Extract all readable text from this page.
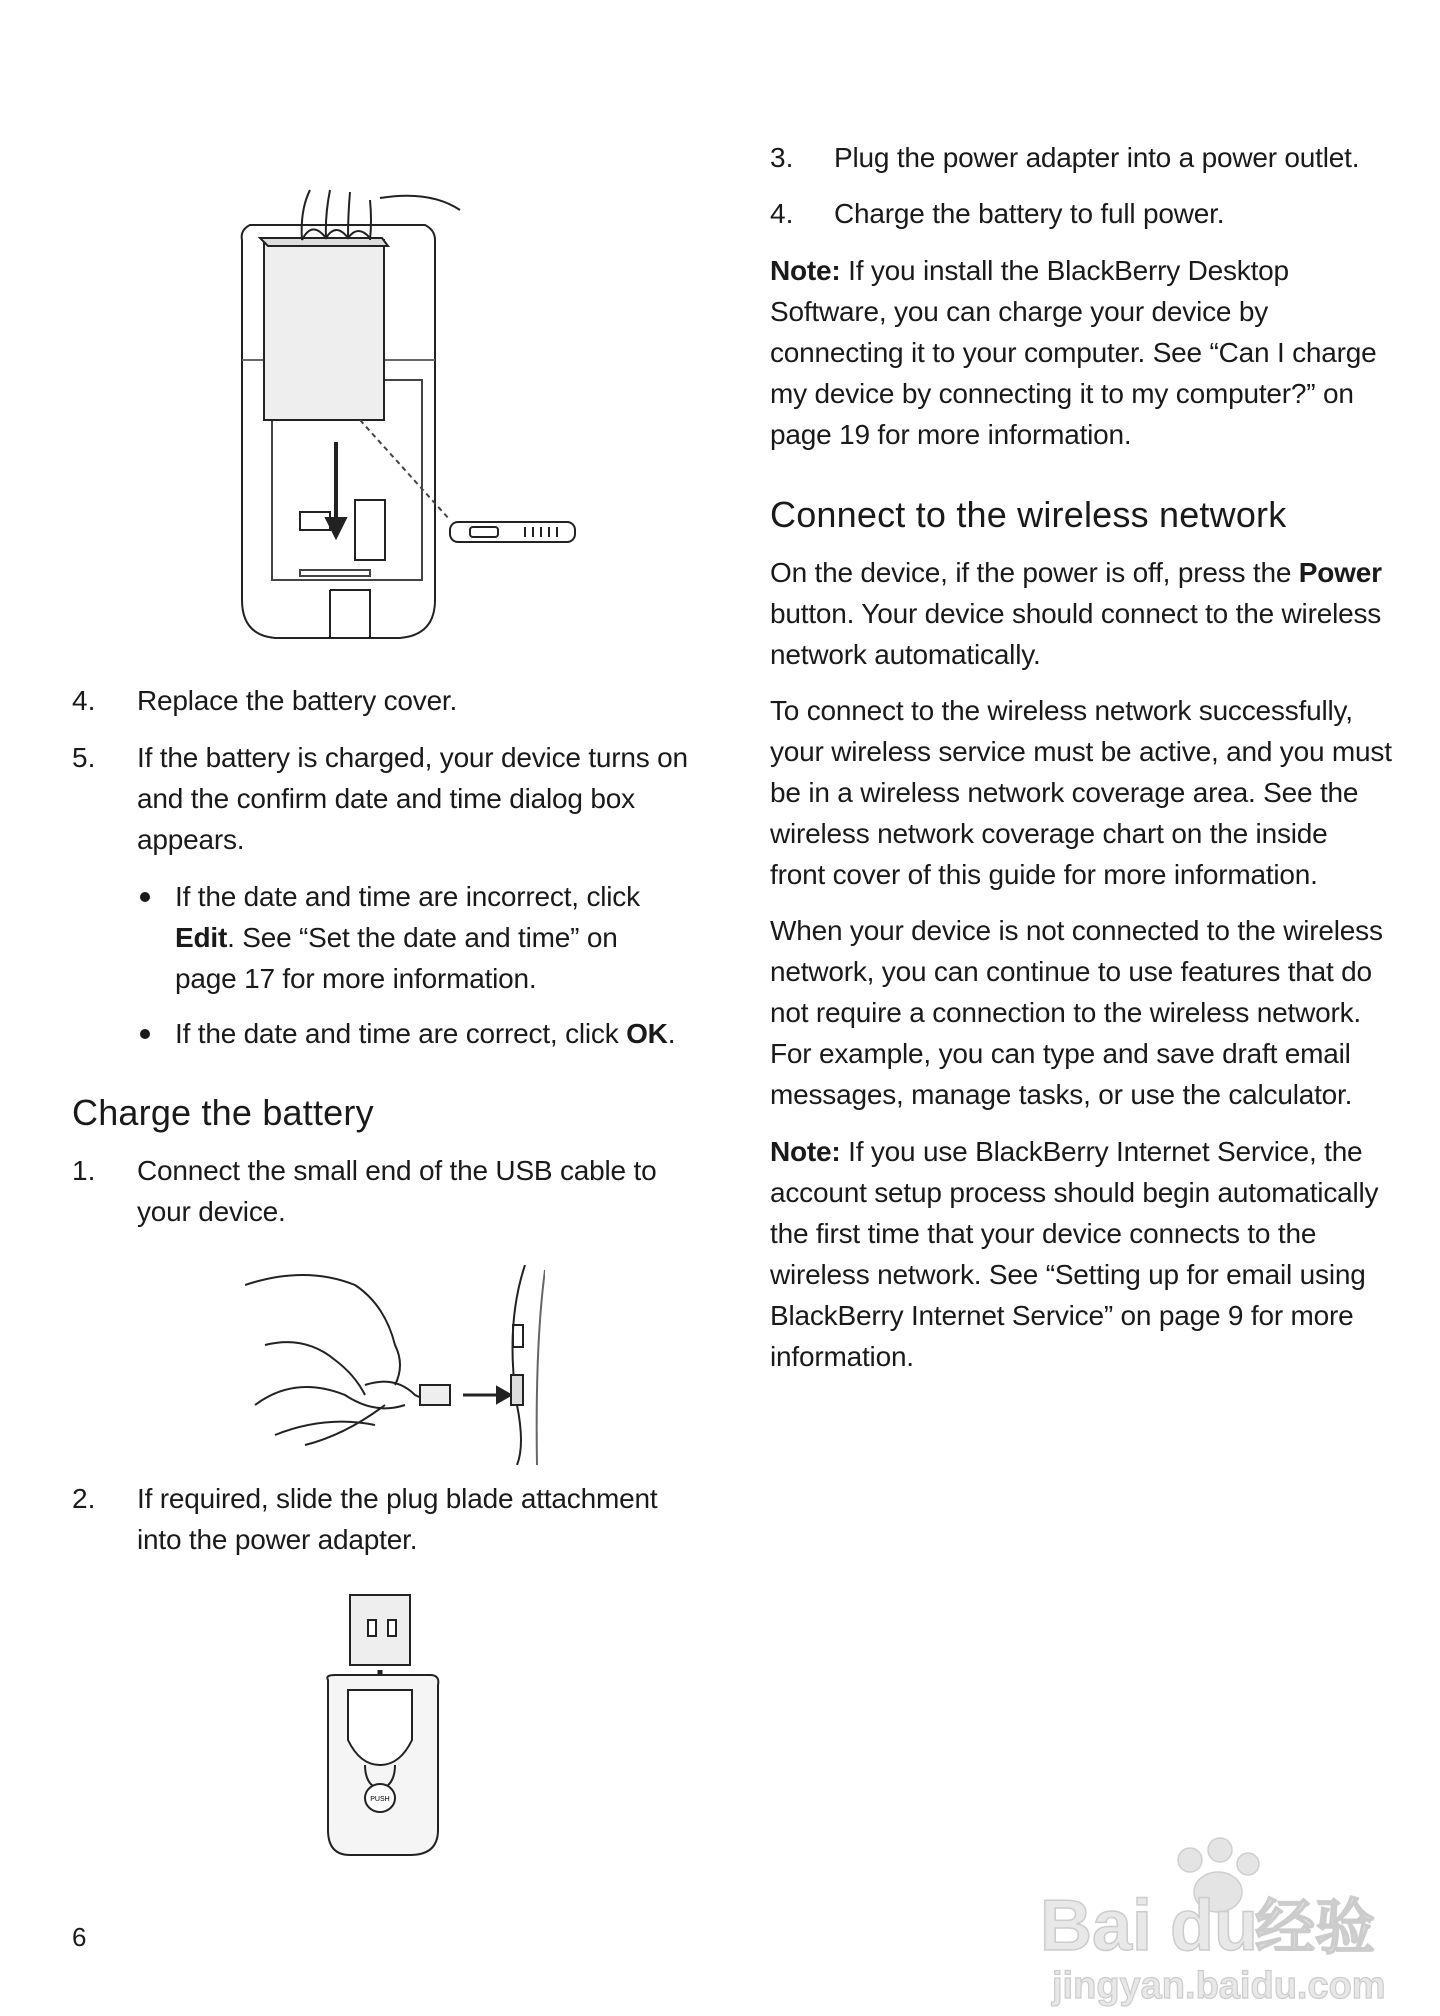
4. Replace the battery cover.

5. If the battery is charged, your device turns on

and the confirm date and time dialog box

appears.

If the date and time are incorrect, click

Edit. See “Set the date and time” on

page 17 for more information.

If the date and time are correct, click OK.

Charge the battery
1. Connect the small end of the USB cable to

your device.

2. If required, slide the plug blade attachment

into the power adapter.

PUSH
3. Plug the power adapter into a power outlet.

4. Charge the battery to full power.

Note: If you install the BlackBerry Desktop

Software, you can charge your device by

connecting it to your computer. See “Can I charge

my device by connecting it to my computer?” on

page 19 for more information.

Connect to the wireless network

On the device, if the power is off, press the Power

button. Your device should connect to the wireless

network automatically.

To connect to the wireless network successfully,

your wireless service must be active, and you must

be in a wireless network coverage area. See the

wireless network coverage chart on the inside

front cover of this guide for more information.

When your device is not connected to the wireless

network, you can continue to use features that do

not require a connection to the wireless network.

For example, you can type and save draft email

messages, manage tasks, or use the calculator.

Note: If you use BlackBerry Internet Service, the

account setup process should begin automatically

the first time that your device connects to the

wireless network. See “Setting up for email using

BlackBerry Internet Service” on page 9 for more

information.

6	Bai du
经验
jingyan.baidu.com
